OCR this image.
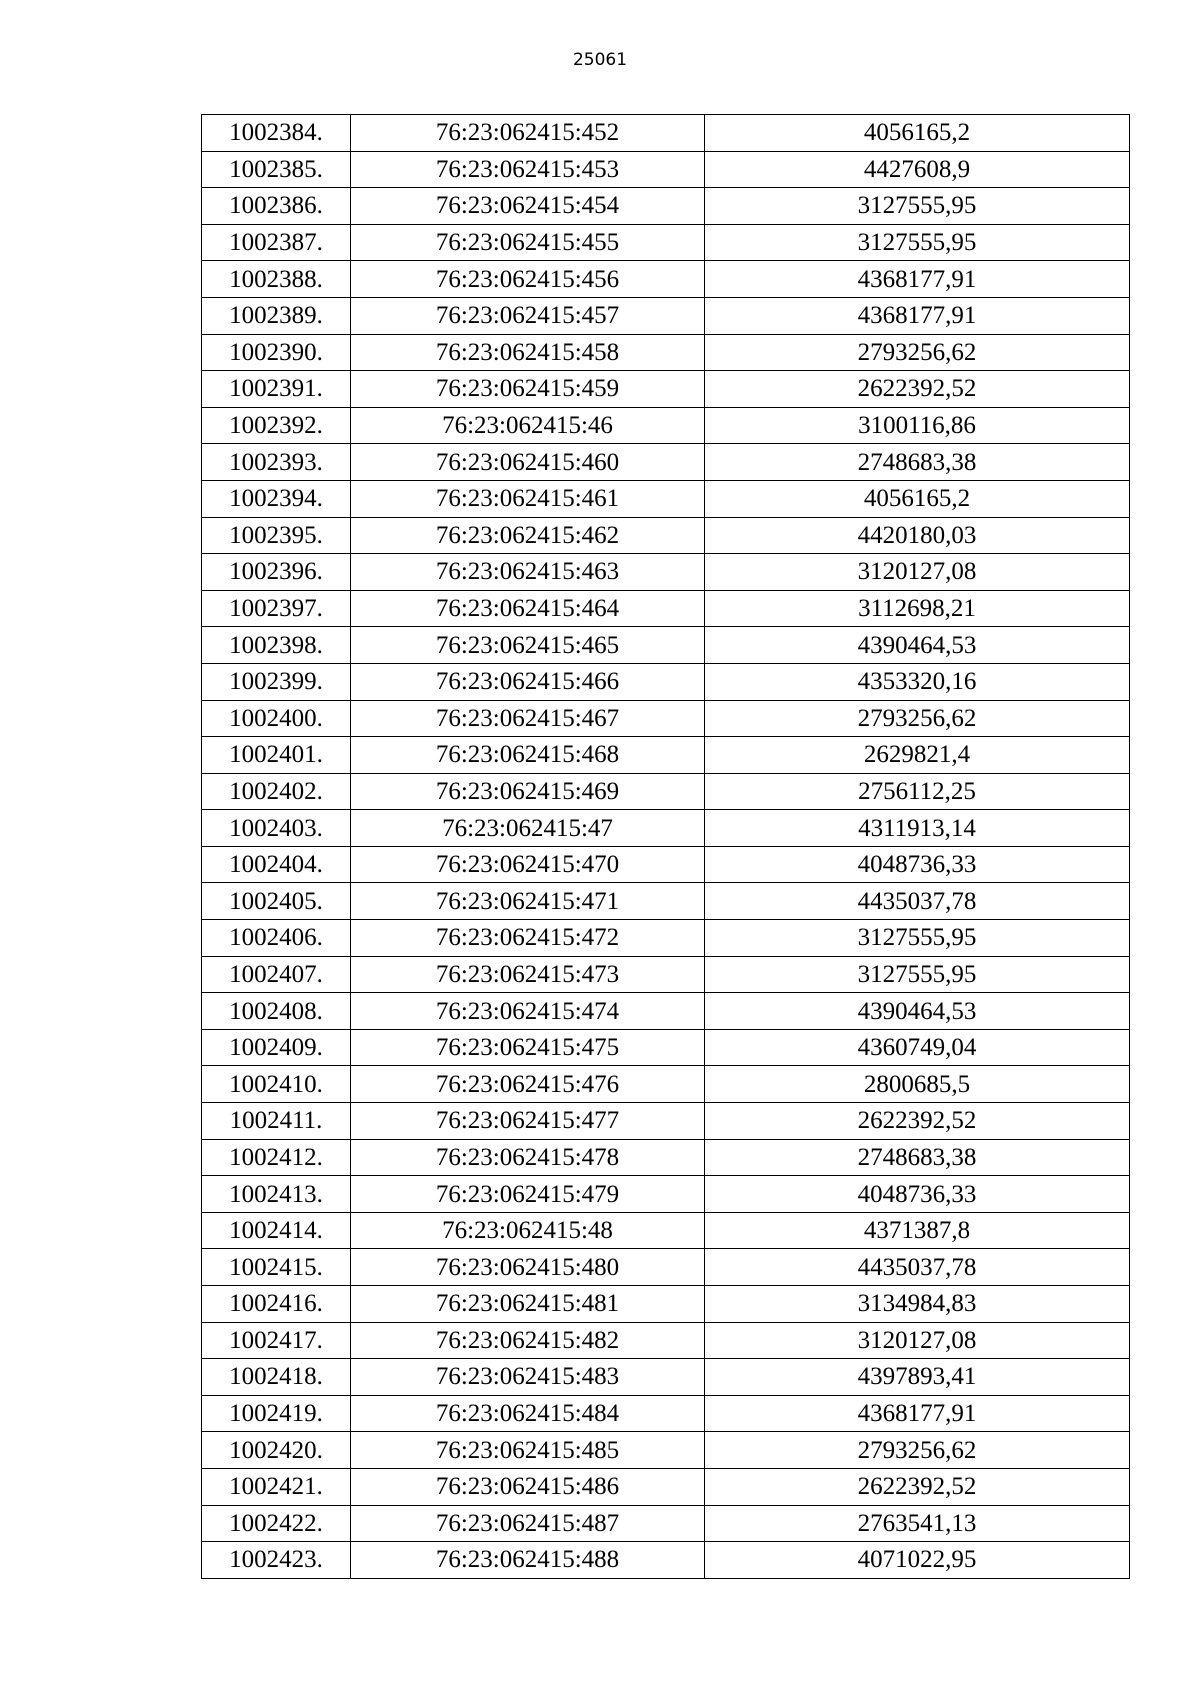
25061
1002384.	76:23:062415:452	4056165,2
1002385.	76:23:062415:453	4427608,9
1002386.	76:23:062415:454	3127555,95
1002387.	76:23:062415:455	3127555,95
1002388.	76:23:062415:456	4368177,91
1002389.	76:23:062415:457	4368177,91
1002390.	76:23:062415:458	2793256,62
1002391.	76:23:062415:459	2622392,52
1002392.	76:23:062415:46	3100116,86
1002393.	76:23:062415:460	2748683,38
1002394.	76:23:062415:461	4056165,2
1002395.	76:23:062415:462	4420180,03
1002396.	76:23:062415:463	3120127,08
1002397.	76:23:062415:464	3112698,21
1002398.	76:23:062415:465	4390464,53
1002399.	76:23:062415:466	4353320,16
1002400.	76:23:062415:467	2793256,62
1002401.	76:23:062415:468	2629821,4
1002402.	76:23:062415:469	2756112,25
1002403.	76:23:062415:47	4311913,14
1002404.	76:23:062415:470	4048736,33
1002405.	76:23:062415:471	4435037,78
1002406.	76:23:062415:472	3127555,95
1002407.	76:23:062415:473	3127555,95
1002408.	76:23:062415:474	4390464,53
1002409.	76:23:062415:475	4360749,04
1002410.	76:23:062415:476	2800685,5
1002411.	76:23:062415:477	2622392,52
1002412.	76:23:062415:478	2748683,38
1002413.	76:23:062415:479	4048736,33
1002414.	76:23:062415:48	4371387,8
1002415.	76:23:062415:480	4435037,78
1002416.	76:23:062415:481	3134984,83
1002417.	76:23:062415:482	3120127,08
1002418.	76:23:062415:483	4397893,41
1002419.	76:23:062415:484	4368177,91
1002420.	76:23:062415:485	2793256,62
1002421.	76:23:062415:486	2622392,52
1002422.	76:23:062415:487	2763541,13
1002423.	76:23:062415:488	4071022,95
